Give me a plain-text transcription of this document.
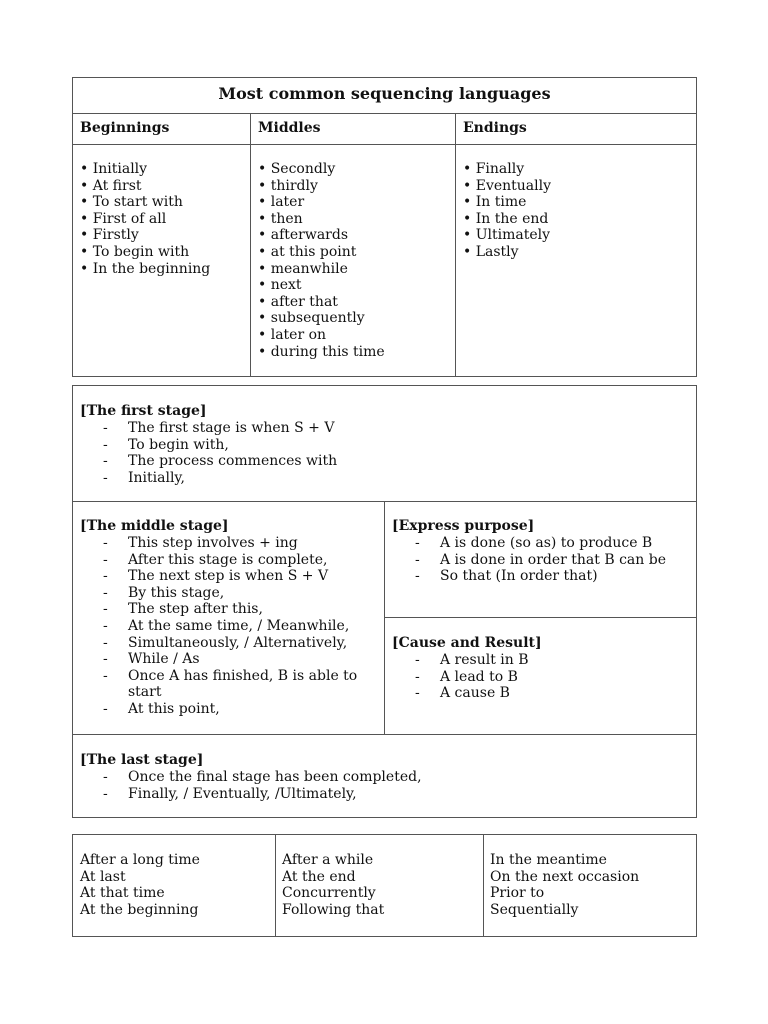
Most common sequencing languages
Beginnings	Middles	Endings
• Initially
• At first
• To start with
• First of all
• Firstly
• To begin with
• In the beginning
• Secondly
• thirdly
• later
• then
• afterwards
• at this point
• meanwhile
• next
• after that
• subsequently
• later on
• during this time
• Finally
• Eventually
• In time
• In the end
• Ultimately
• Lastly
[The first stage]
- The first stage is when S + V
- To begin with,
- The process commences with
- Initially,
[The middle stage]
- This step involves + ing
- After this stage is complete,
- The next step is when S + V
- By this stage,
- The step after this,
- At the same time, / Meanwhile,
- Simultaneously, / Alternatively,
- While / As
- Once A has finished, B is able to start
- At this point,
[Express purpose]
- A is done (so as) to produce B
- A is done in order that B can be
- So that (In order that)
[Cause and Result]
- A result in B
- A lead to B
- A cause B
[The last stage]
- Once the final stage has been completed,
- Finally, / Eventually, /Ultimately,
After a long time
At last
At that time
At the beginning
After a while
At the end
Concurrently
Following that
In the meantime
On the next occasion
Prior to
Sequentially
